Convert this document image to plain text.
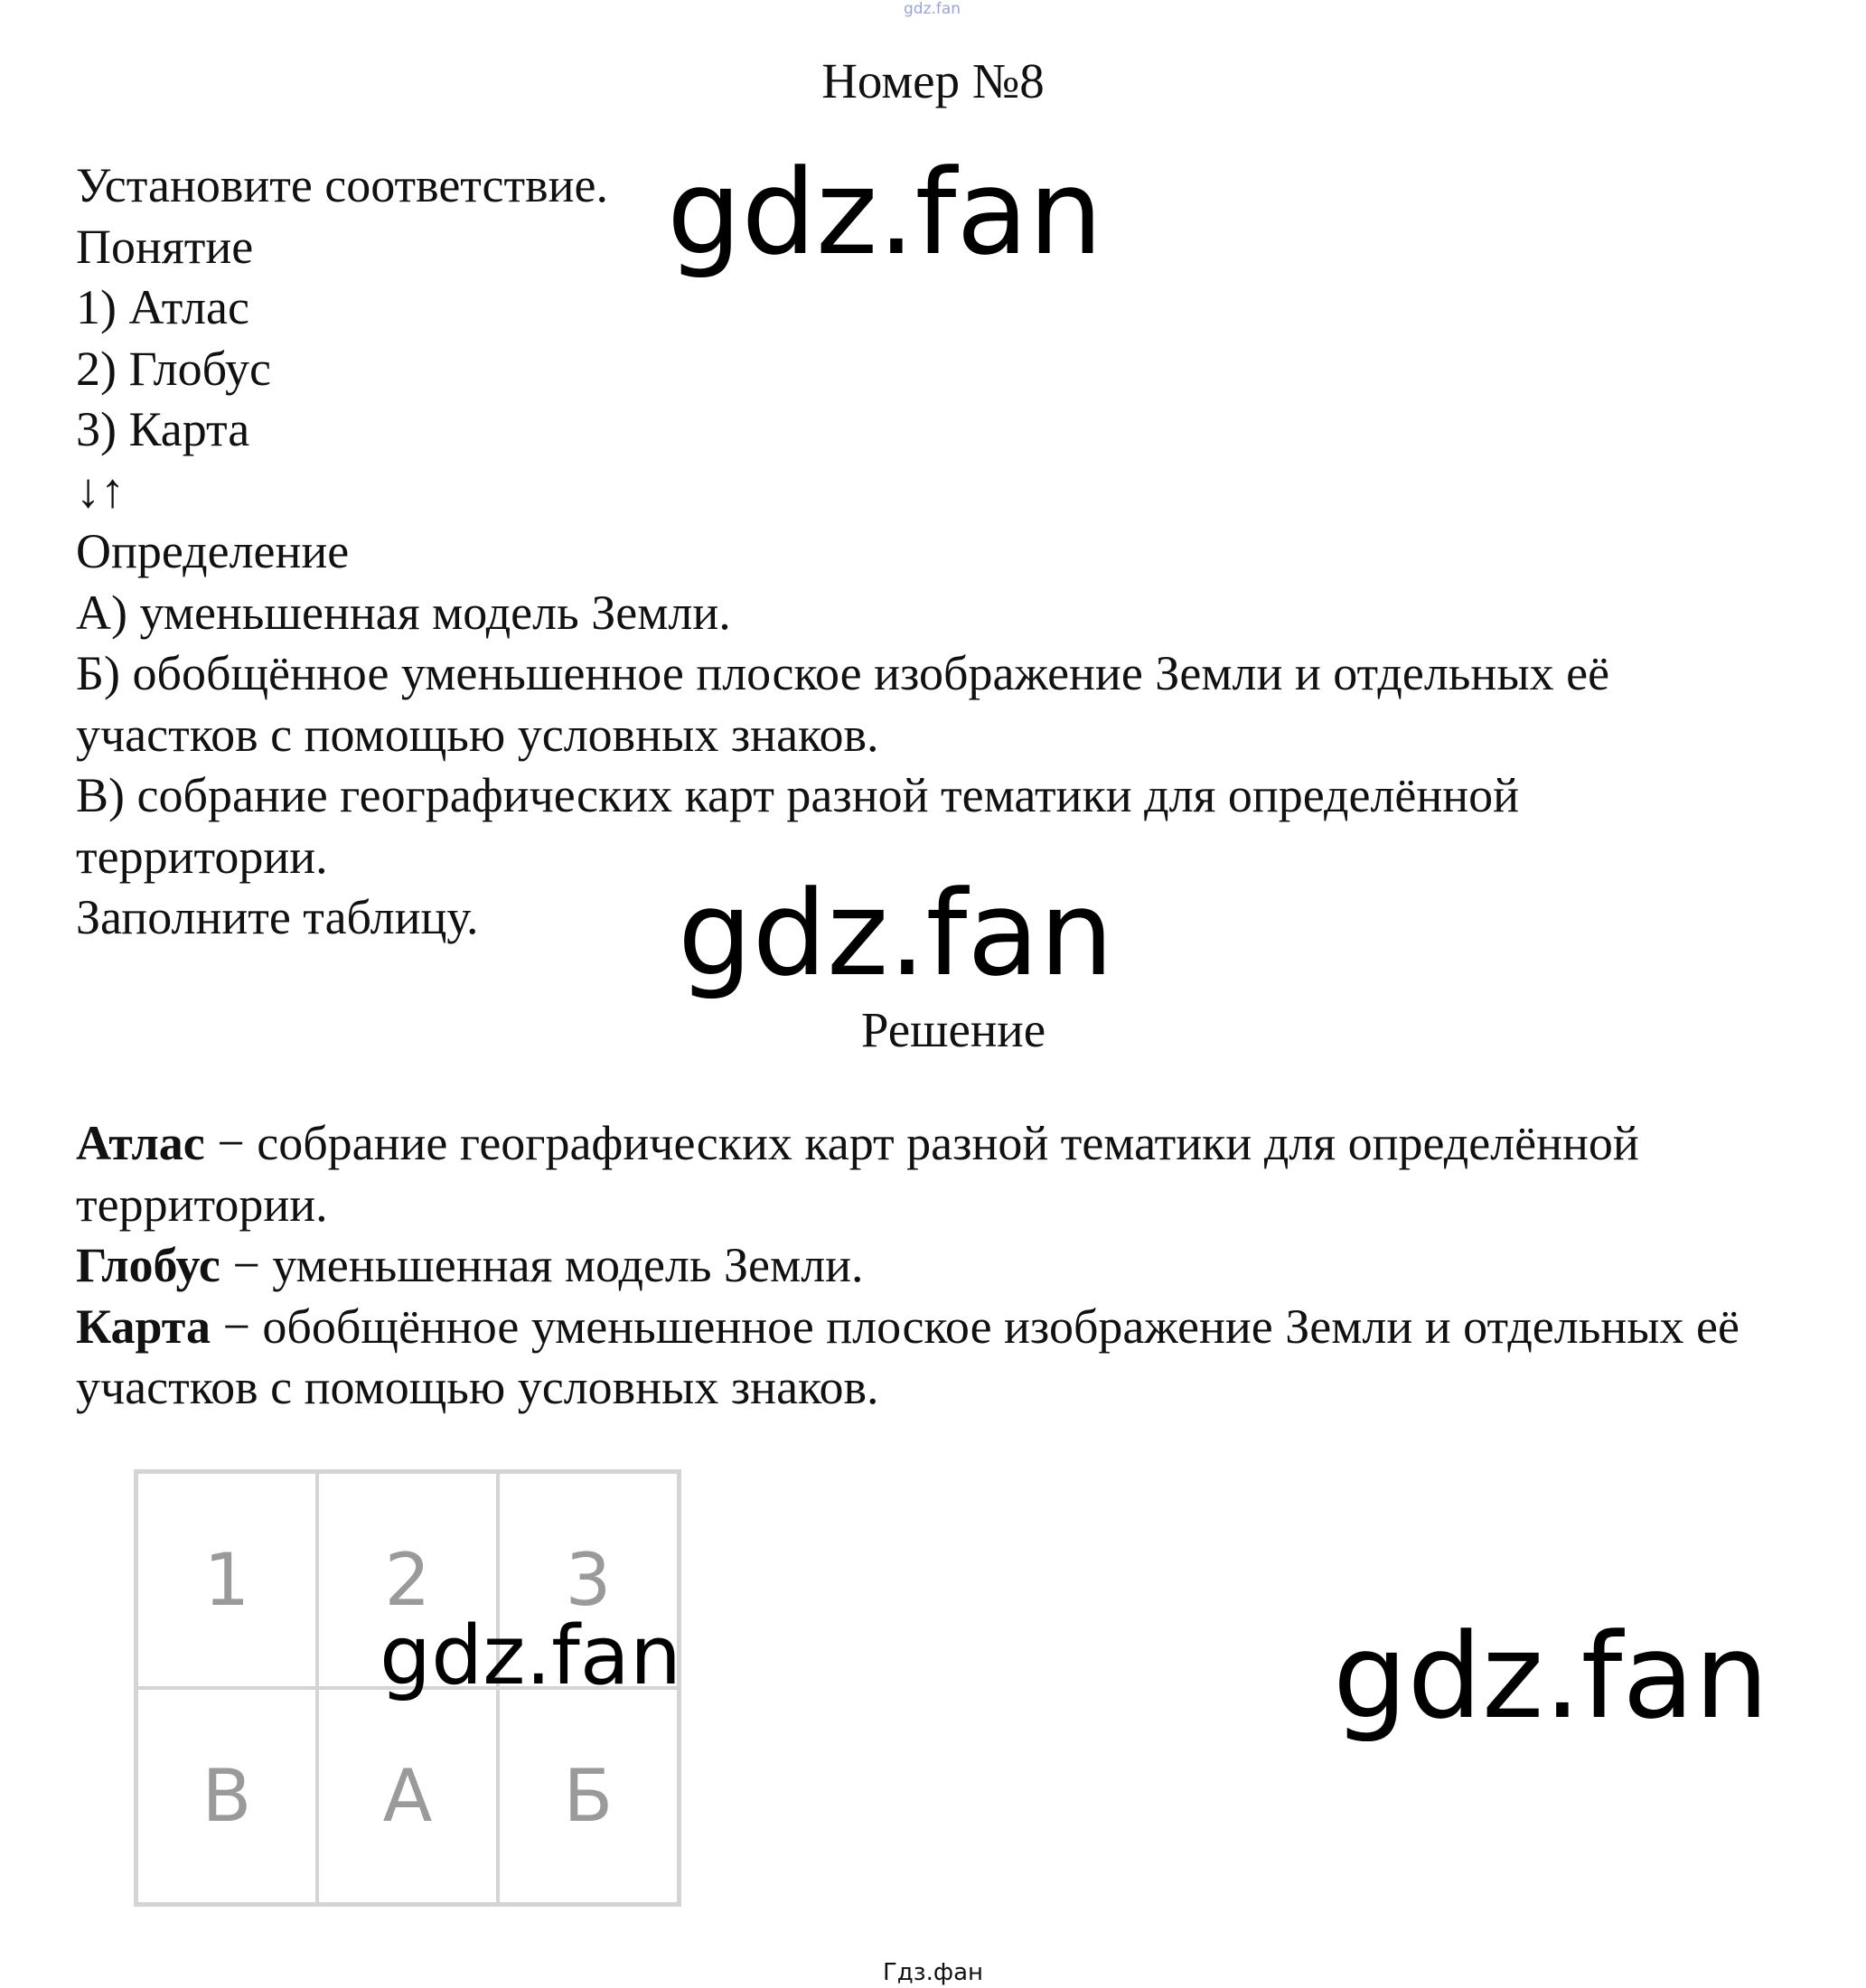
gdz.fan
Номер №8
Установите соответствие.
Понятие
1) Атлас
2) Глобус
3) Карта
↓↑
Определение
А) уменьшенная модель Земли.
Б) обобщённое уменьшенное плоское изображение Земли и отдельных её
участков с помощью условных знаков.
В) собрание географических карт разной тематики для определённой
территории.
Заполните таблицу.
gdz.fan
gdz.fan
Решение

Атлас − собрание географических карт разной тематики для определённой территории.

Глобус − уменьшенная модель Земли.

Карта − обобщённое уменьшенное плоское изображение Земли и отдельных её участков с помощью условных знаков.

1	2	3
В	А	Б
gdz.fan	gdz.fan
Гдз.фан
